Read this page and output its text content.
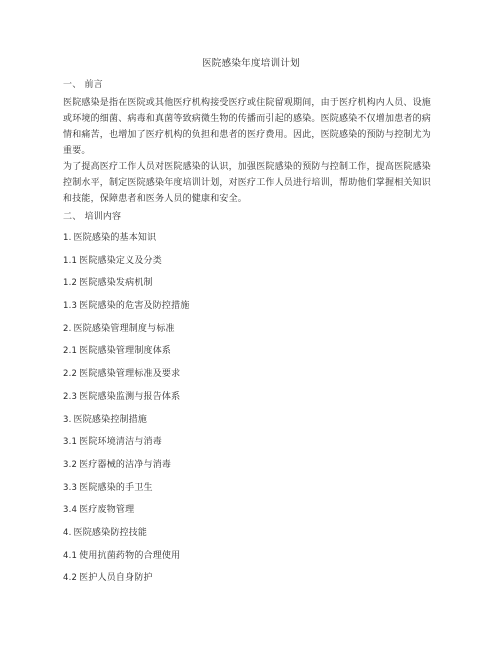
医院感染年度培训计划
一、 前言
医院感染是指在医院或其他医疗机构接受医疗或住院留观期间，由于医疗机构内人员、设施或环境的细菌、病毒和真菌等致病微生物的传播而引起的感染。医院感染不仅增加患者的病情和痛苦，也增加了医疗机构的负担和患者的医疗费用。因此，医院感染的预防与控制尤为重要。
为了提高医疗工作人员对医院感染的认识，加强医院感染的预防与控制工作，提高医院感染控制水平，制定医院感染年度培训计划，对医疗工作人员进行培训，帮助他们掌握相关知识和技能，保障患者和医务人员的健康和安全。
二、 培训内容
1. 医院感染的基本知识
1.1 医院感染定义及分类
1.2 医院感染发病机制
1.3 医院感染的危害及防控措施
2. 医院感染管理制度与标准
2.1 医院感染管理制度体系
2.2 医院感染管理标准及要求
2.3 医院感染监测与报告体系
3. 医院感染控制措施
3.1 医院环境清洁与消毒
3.2 医疗器械的洁净与消毒
3.3 医院感染的手卫生
3.4 医疗废物管理
4. 医院感染防控技能
4.1 使用抗菌药物的合理使用
4.2 医护人员自身防护
